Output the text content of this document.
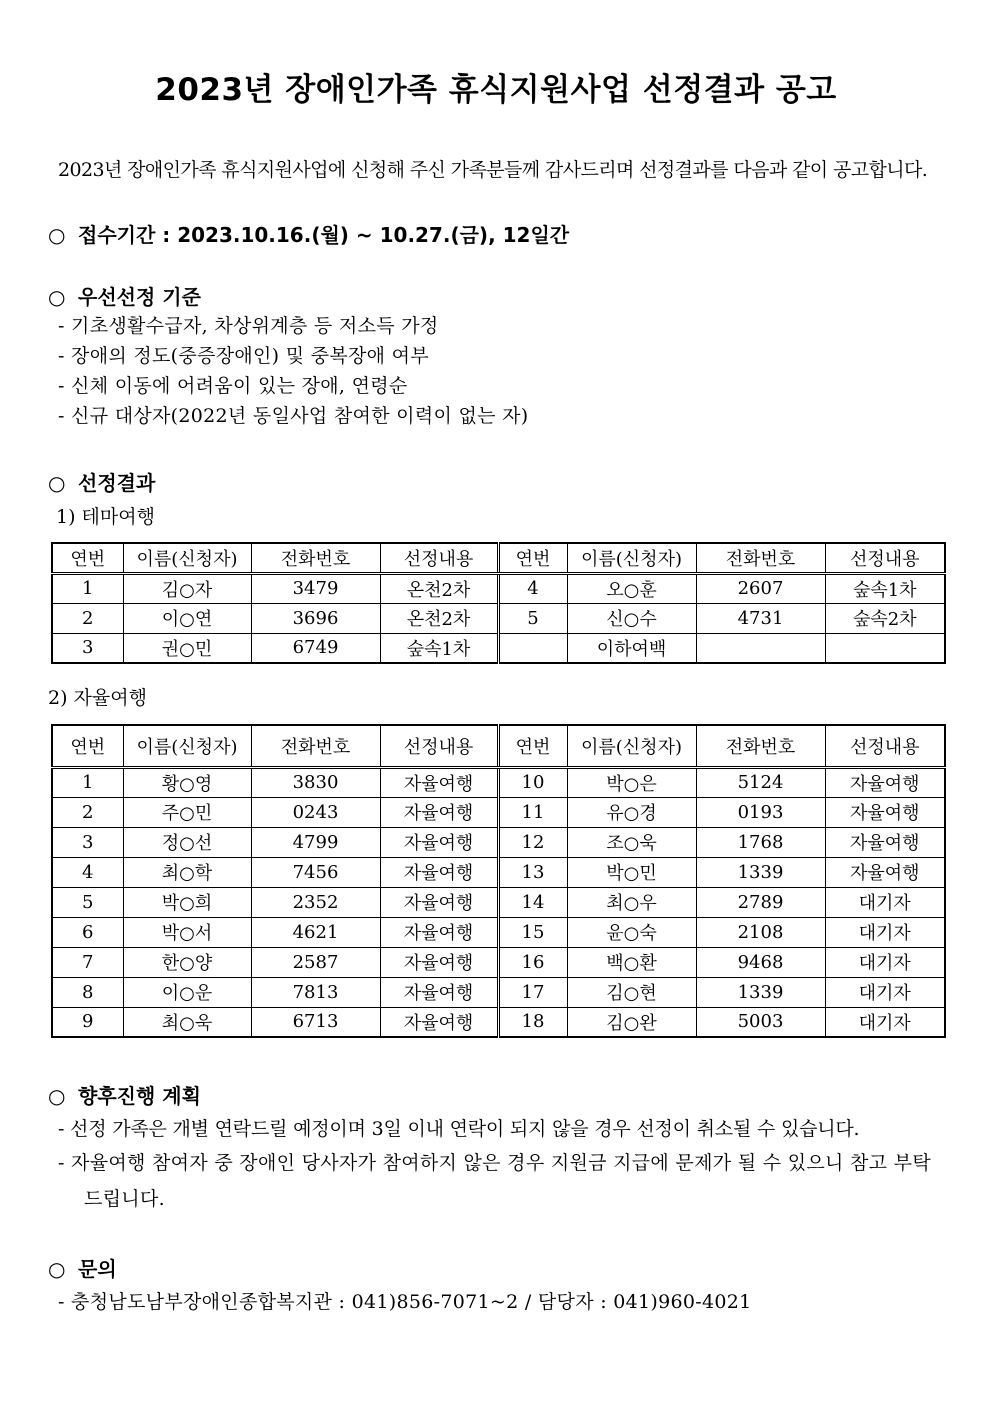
2023년 장애인가족 휴식지원사업 선정결과 공고
2023년 장애인가족 휴식지원사업에 신청해 주신 가족분들께 감사드리며 선정결과를 다음과 같이 공고합니다.
○ 접수기간 : 2023.10.16.(월) ~ 10.27.(금), 12일간
○ 우선선정 기준
- 기초생활수급자, 차상위계층 등 저소득 가정
- 장애의 정도(중증장애인) 및 중복장애 여부
- 신체 이동에 어려움이 있는 장애, 연령순
- 신규 대상자(2022년 동일사업 참여한 이력이 없는 자)
○ 선정결과
1) 테마여행
연번	이름(신청자)	전화번호	선정내용	연번	이름(신청자)	전화번호	선정내용
1	김○자	3479	온천2차	4	오○훈	2607	숲속1차
2	이○연	3696	온천2차	5	신○수	4731	숲속2차
3	권○민	6749	숲속1차		이하여백		
2) 자율여행
연번	이름(신청자)	전화번호	선정내용	연번	이름(신청자)	전화번호	선정내용
1	황○영	3830	자율여행	10	박○은	5124	자율여행
2	주○민	0243	자율여행	11	유○경	0193	자율여행
3	정○선	4799	자율여행	12	조○욱	1768	자율여행
4	최○학	7456	자율여행	13	박○민	1339	자율여행
5	박○희	2352	자율여행	14	최○우	2789	대기자
6	박○서	4621	자율여행	15	윤○숙	2108	대기자
7	한○양	2587	자율여행	16	백○환	9468	대기자
8	이○운	7813	자율여행	17	김○현	1339	대기자
9	최○욱	6713	자율여행	18	김○완	5003	대기자
○ 향후진행 계획
- 선정 가족은 개별 연락드릴 예정이며 3일 이내 연락이 되지 않을 경우 선정이 취소될 수 있습니다.
- 자율여행 참여자 중 장애인 당사자가 참여하지 않은 경우 지원금 지급에 문제가 될 수 있으니 참고 부탁드립니다.
○ 문의
- 충청남도남부장애인종합복지관 : 041)856-7071~2 / 담당자 : 041)960-4021
